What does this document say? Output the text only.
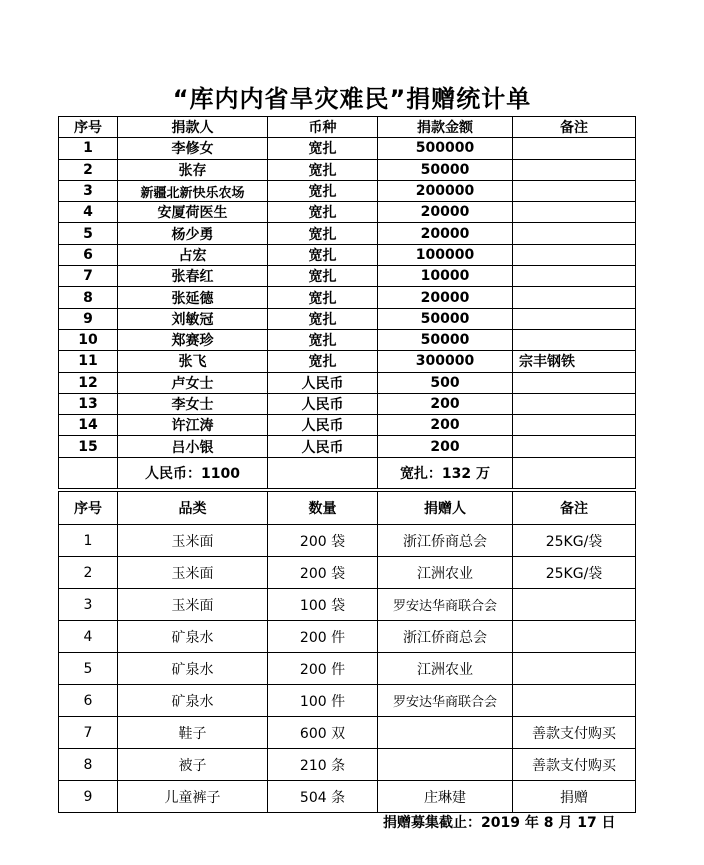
“库内内省旱灾难民”捐赠统计单
序号	捐款人	币种	捐款金额	备注
1	李修女	宽扎	500000	
2	张存	宽扎	50000	
3	新疆北新快乐农场	宽扎	200000	
4	安厦荷医生	宽扎	20000	
5	杨少勇	宽扎	20000	
6	占宏	宽扎	100000	
7	张春红	宽扎	10000	
8	张延德	宽扎	20000	
9	刘敏冠	宽扎	50000	
10	郑赛珍	宽扎	50000	
11	张飞	宽扎	300000	宗丰钢铁
12	卢女士	人民币	500	
13	李女士	人民币	200	
14	许江涛	人民币	200	
15	吕小银	人民币	200	
	人民币：1100		宽扎：132 万	
序号	品类	数量	捐赠人	备注
1	玉米面	200 袋	浙江侨商总会	25KG/袋
2	玉米面	200 袋	江洲农业	25KG/袋
3	玉米面	100 袋	罗安达华商联合会	
4	矿泉水	200 件	浙江侨商总会	
5	矿泉水	200 件	江洲农业	
6	矿泉水	100 件	罗安达华商联合会	
7	鞋子	600 双		善款支付购买
8	被子	210 条		善款支付购买
9	儿童裤子	504 条	庄琳建	捐赠
捐赠募集截止：2019 年 8 月 17 日
